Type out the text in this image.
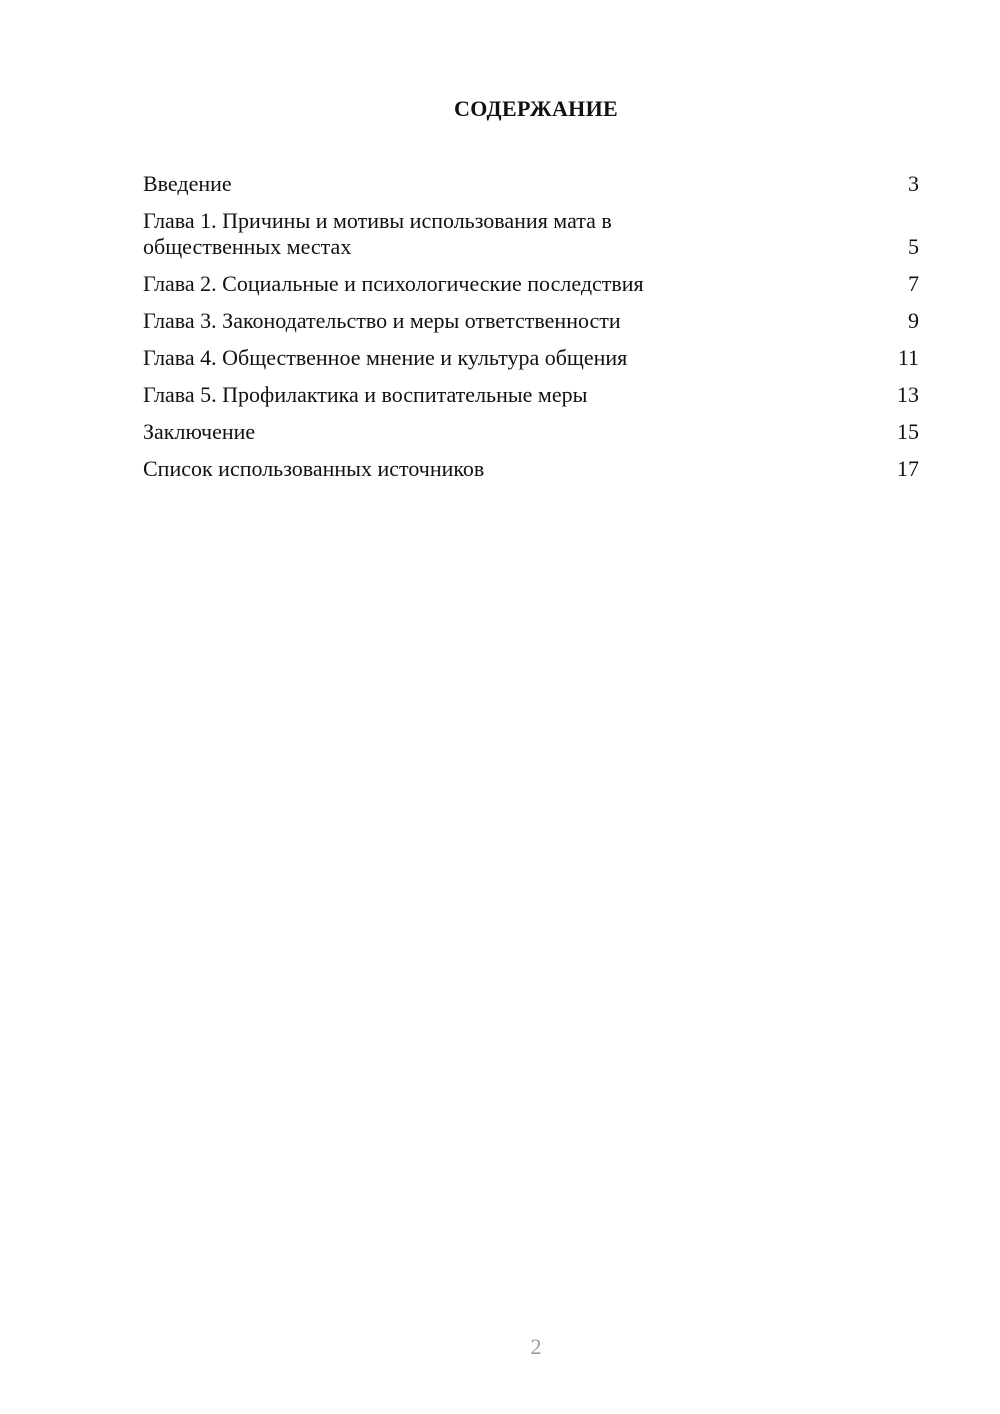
СОДЕРЖАНИЕ
Введение	3
Глава 1. Причины и мотивы использования мата в общественных местах	5
Глава 2. Социальные и психологические последствия	7
Глава 3. Законодательство и меры ответственности	9
Глава 4. Общественное мнение и культура общения	11
Глава 5. Профилактика и воспитательные меры	13
Заключение	15
Список использованных источников	17
2
